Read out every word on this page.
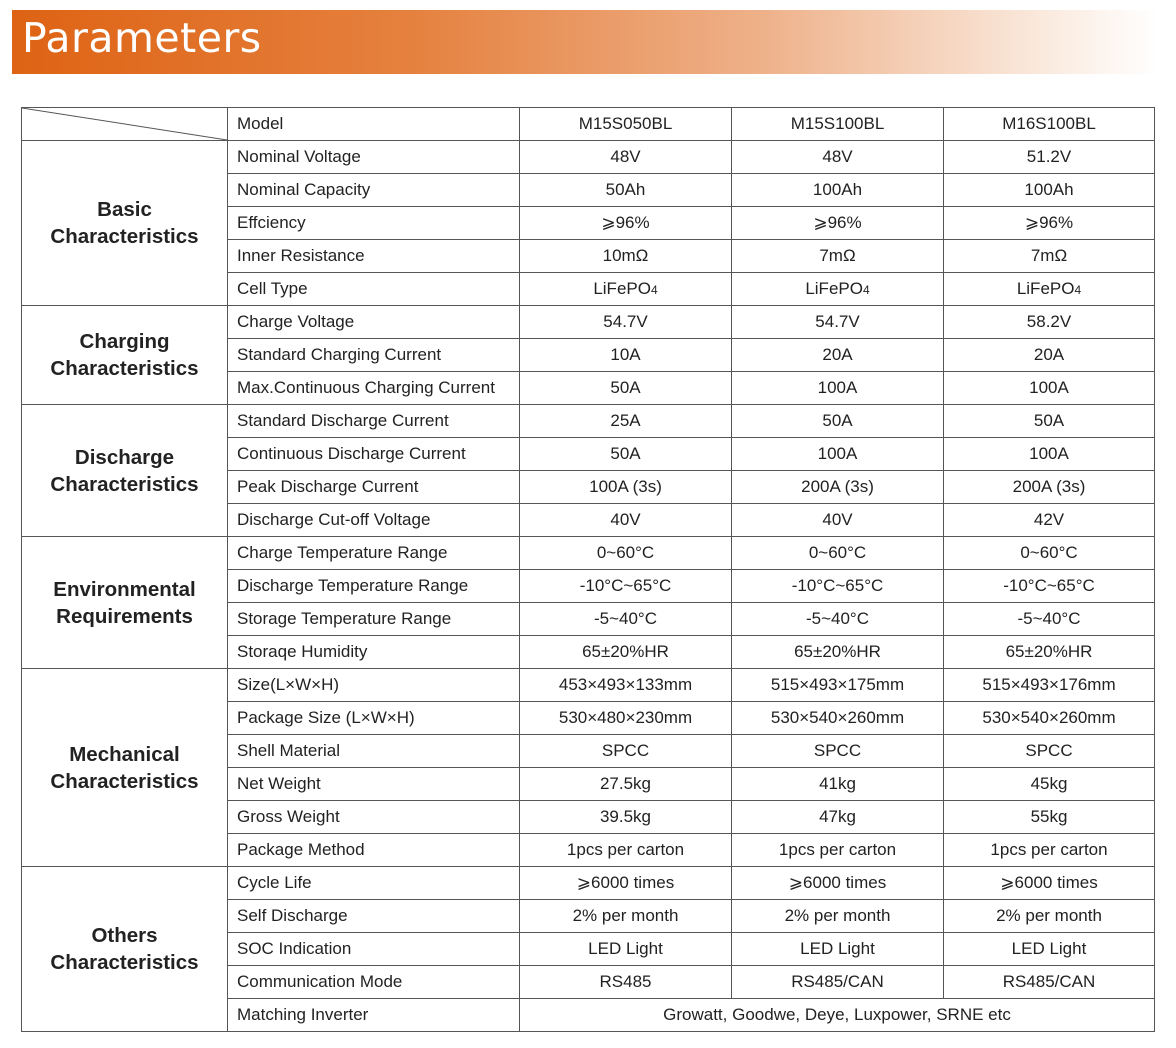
Parameters
	Model	M15S050BL	M15S100BL	M16S100BL
Basic Characteristics	Nominal Voltage	48V	48V	51.2V
	Nominal Capacity	50Ah	100Ah	100Ah
	Effciency	⩾96%	⩾96%	⩾96%
	Inner Resistance	10mΩ	7mΩ	7mΩ
	Cell Type	LiFePO4	LiFePO4	LiFePO4
Charging Characteristics	Charge Voltage	54.7V	54.7V	58.2V
	Standard Charging Current	10A	20A	20A
	Max.Continuous Charging Current	50A	100A	100A
Discharge Characteristics	Standard Discharge Current	25A	50A	50A
	Continuous Discharge Current	50A	100A	100A
	Peak Discharge Current	100A (3s)	200A (3s)	200A (3s)
	Discharge Cut-off Voltage	40V	40V	42V
Environmental Requirements	Charge Temperature Range	0~60°C	0~60°C	0~60°C
	Discharge Temperature Range	-10°C~65°C	-10°C~65°C	-10°C~65°C
	Storage Temperature Range	-5~40°C	-5~40°C	-5~40°C
	Storaqe Humidity	65±20%HR	65±20%HR	65±20%HR
Mechanical Characteristics	Size(L×W×H)	453×493×133mm	515×493×175mm	515×493×176mm
	Package Size (L×W×H)	530×480×230mm	530×540×260mm	530×540×260mm
	Shell Material	SPCC	SPCC	SPCC
	Net Weight	27.5kg	41kg	45kg
	Gross Weight	39.5kg	47kg	55kg
	Package Method	1pcs per carton	1pcs per carton	1pcs per carton
Others Characteristics	Cycle Life	⩾6000 times	⩾6000 times	⩾6000 times
	Self Discharge	2% per month	2% per month	2% per month
	SOC Indication	LED Light	LED Light	LED Light
	Communication Mode	RS485	RS485/CAN	RS485/CAN
	Matching Inverter	Growatt, Goodwe, Deye, Luxpower, SRNE etc		
